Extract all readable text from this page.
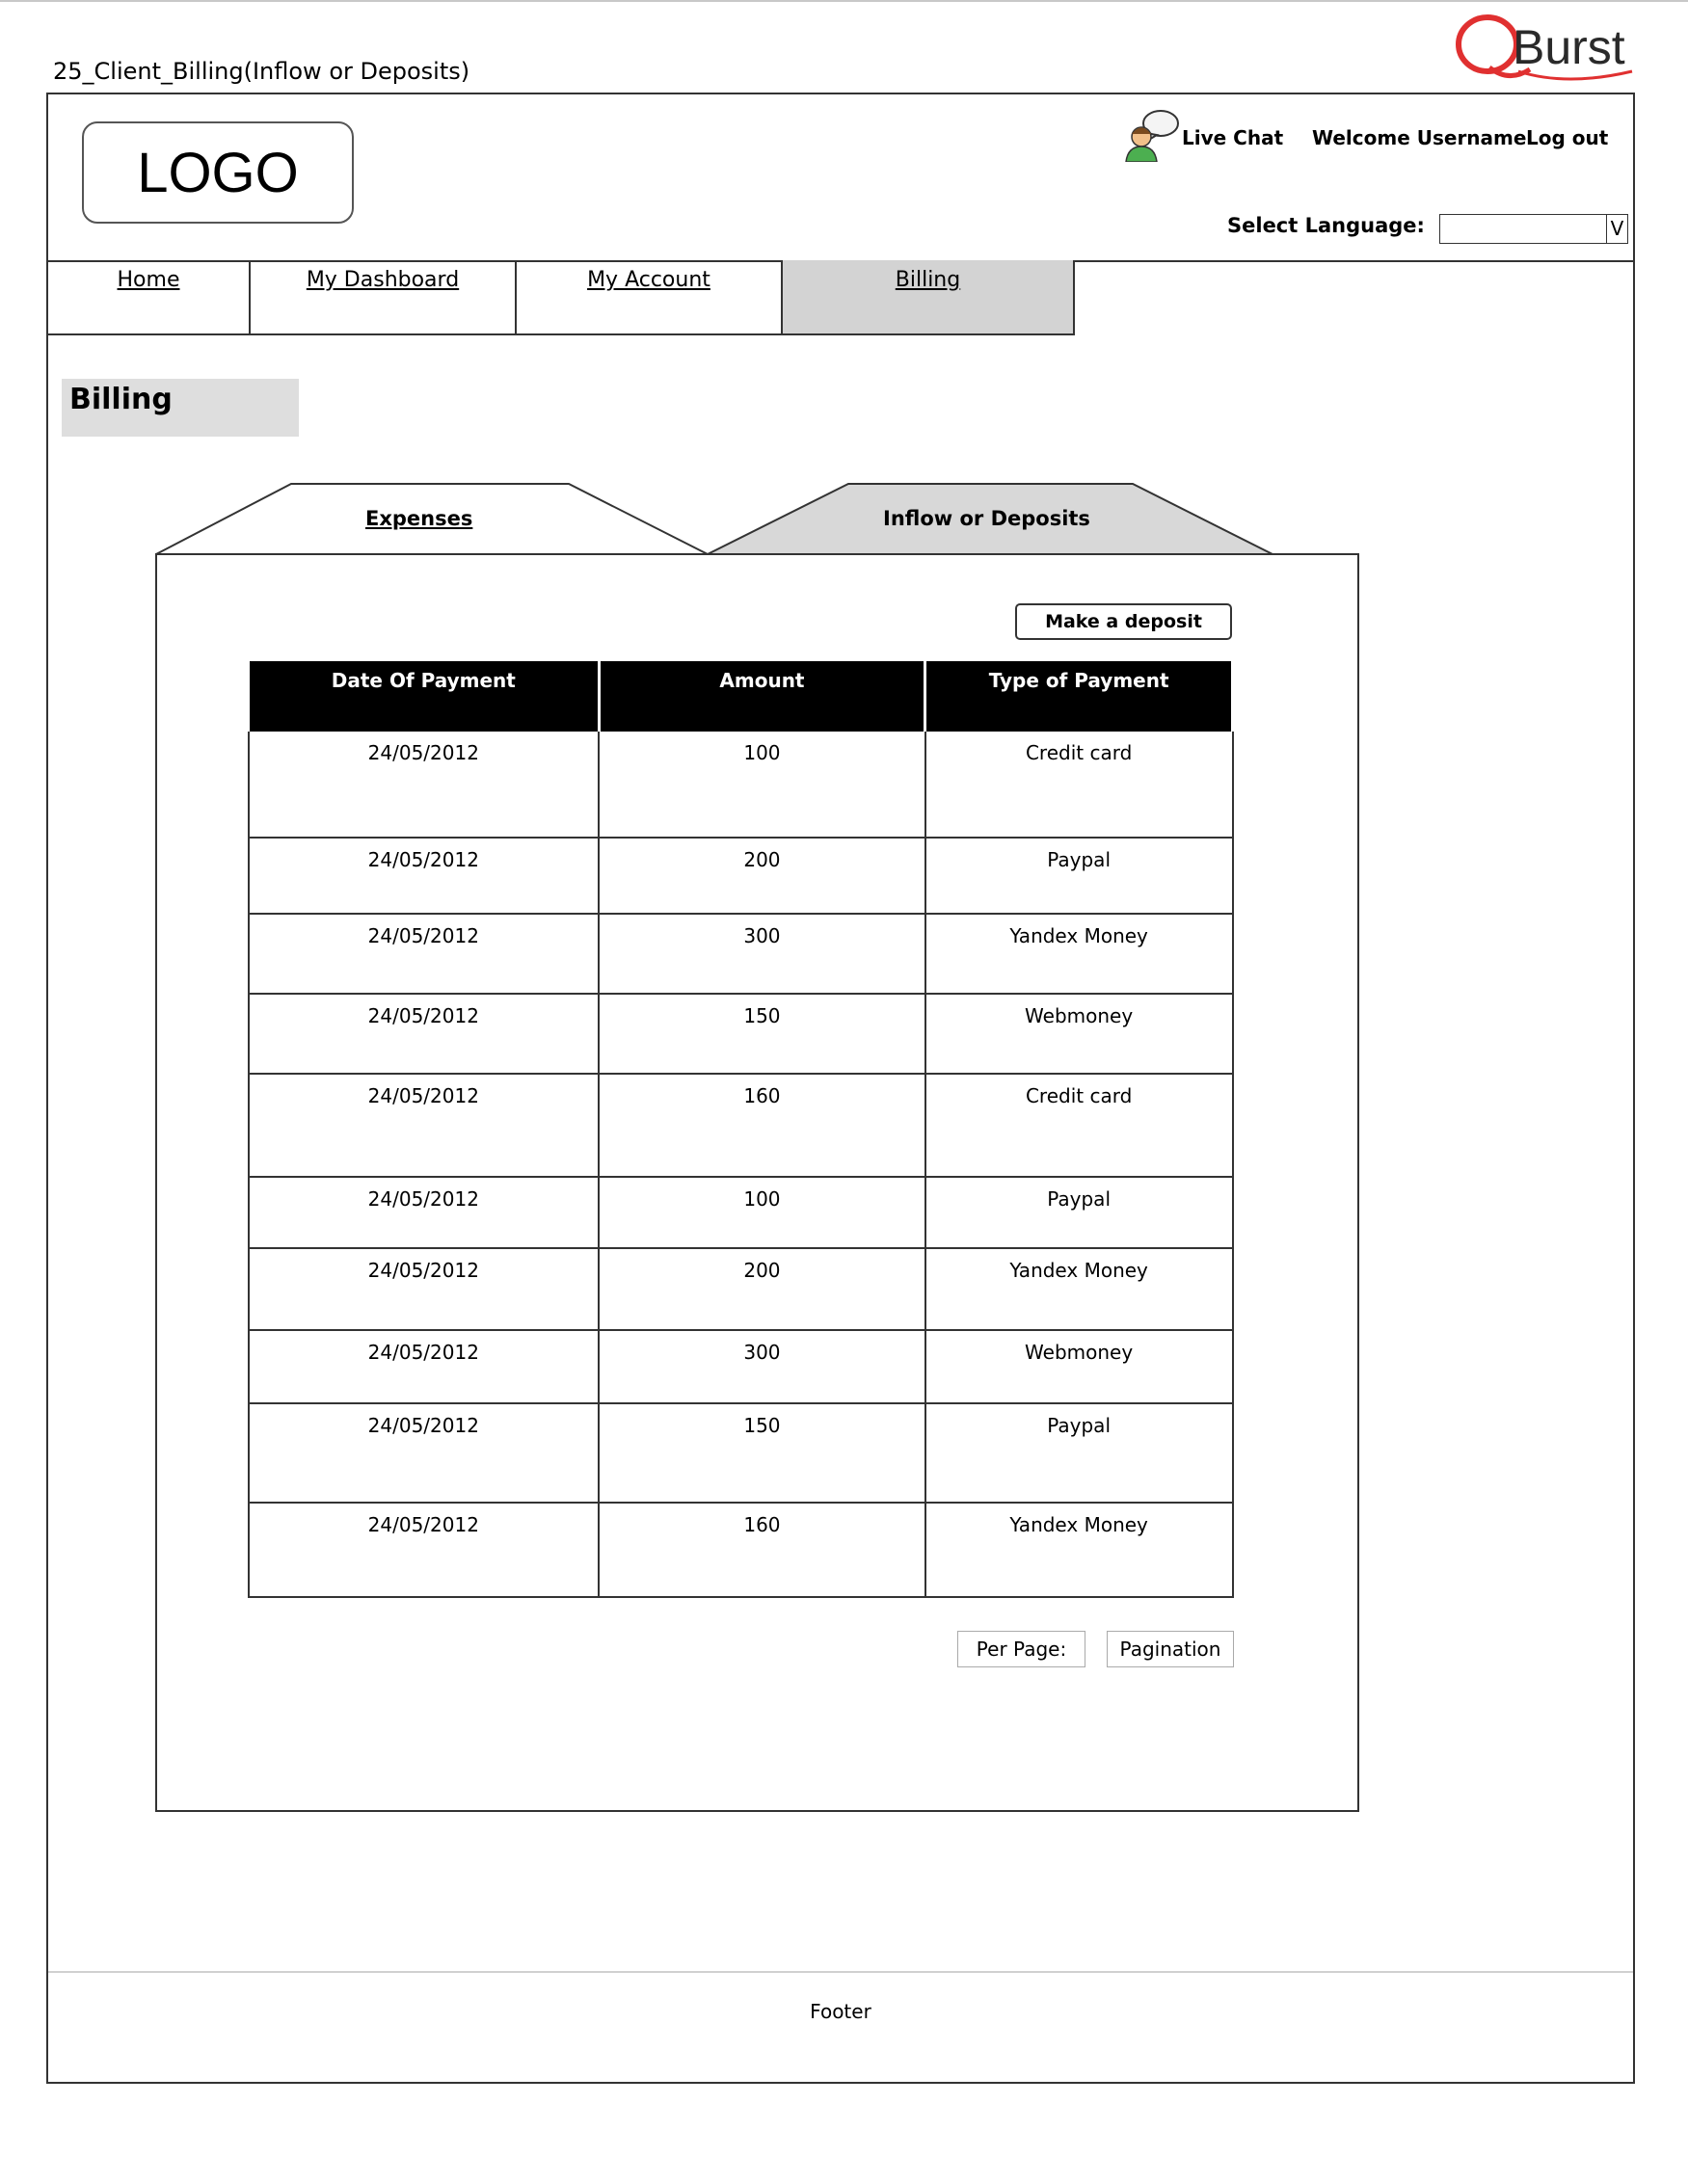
25_Client_Billing(Inflow or Deposits)	Burst
LOGO
Live Chat Welcome Username Log out
Select Language:	V
Home	My Dashboard	My Account	Billing
Billing
Expenses	Inflow or Deposits
Make a deposit
Date Of Payment	Amount	Type of Payment
24/05/2012	100	Credit card
24/05/2012	200	Paypal
24/05/2012	300	Yandex Money
24/05/2012	150	Webmoney
24/05/2012	160	Credit card
24/05/2012	100	Paypal
24/05/2012	200	Yandex Money
24/05/2012	300	Webmoney
24/05/2012	150	Paypal
24/05/2012	160	Yandex Money
Per Page:	Pagination
Footer
